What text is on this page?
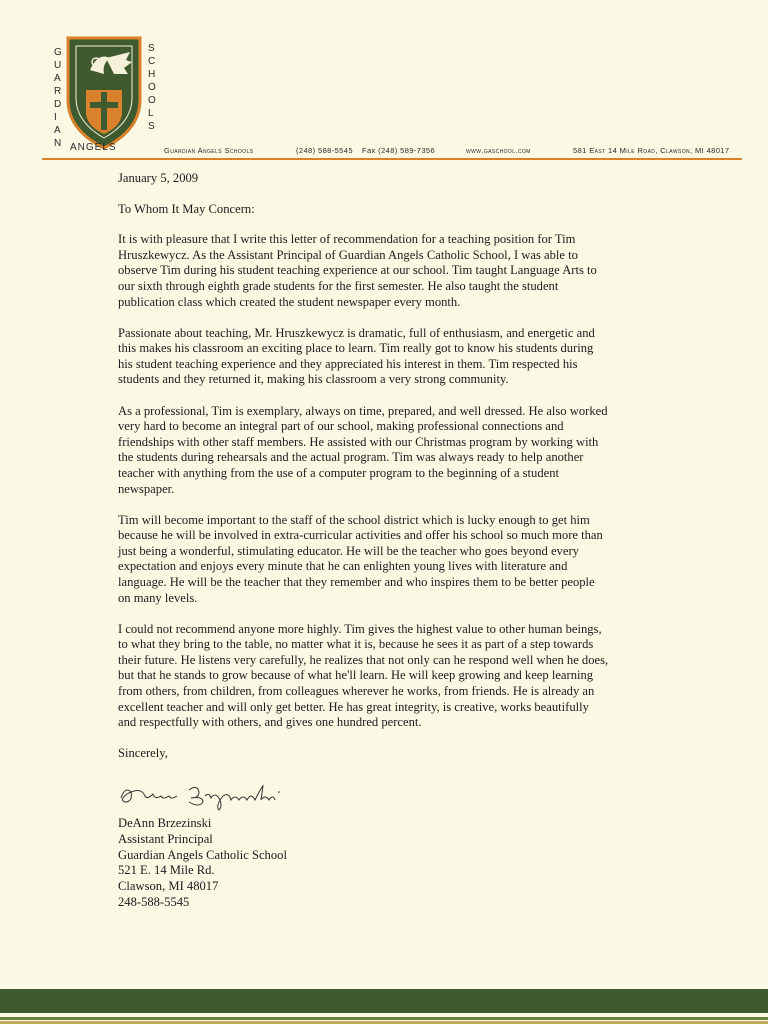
GUARDIAN ANGELS
SCHOOLS
Guardian Angels Schools	(248) 588-5545 Fax (248) 589-7356	www.gaschool.com	581 East 14 Mile Road, Clawson, MI 48017

January 5, 2009

To Whom It May Concern:

It is with pleasure that I write this letter of recommendation for a teaching position for Tim
Hruszkewycz. As the Assistant Principal of Guardian Angels Catholic School, I was able to
observe Tim during his student teaching experience at our school. Tim taught Language Arts to
our sixth through eighth grade students for the first semester. He also taught the student
publication class which created the student newspaper every month.

Passionate about teaching, Mr. Hruszkewycz is dramatic, full of enthusiasm, and energetic and
this makes his classroom an exciting place to learn. Tim really got to know his students during
his student teaching experience and they appreciated his interest in them. Tim respected his
students and they returned it, making his classroom a very strong community.

As a professional, Tim is exemplary, always on time, prepared, and well dressed. He also worked
very hard to become an integral part of our school, making professional connections and
friendships with other staff members. He assisted with our Christmas program by working with
the students during rehearsals and the actual program. Tim was always ready to help another
teacher with anything from the use of a computer program to the beginning of a student
newspaper.

Tim will become important to the staff of the school district which is lucky enough to get him
because he will be involved in extra-curricular activities and offer his school so much more than
just being a wonderful, stimulating educator. He will be the teacher who goes beyond every
expectation and enjoys every minute that he can enlighten young lives with literature and
language. He will be the teacher that they remember and who inspires them to be better people
on many levels.

I could not recommend anyone more highly. Tim gives the highest value to other human beings,
to what they bring to the table, no matter what it is, because he sees it as part of a step towards
their future. He listens very carefully, he realizes that not only can he respond well when he does,
but that he stands to grow because of what he'll learn. He will keep growing and keep learning
from others, from children, from colleagues wherever he works, from friends. He is already an
excellent teacher and will only get better. He has great integrity, is creative, works beautifully
and respectfully with others, and gives one hundred percent.

Sincerely,

DeAnn Brzezinski
Assistant Principal
Guardian Angels Catholic School
521 E. 14 Mile Rd.
Clawson, MI 48017
248-588-5545
